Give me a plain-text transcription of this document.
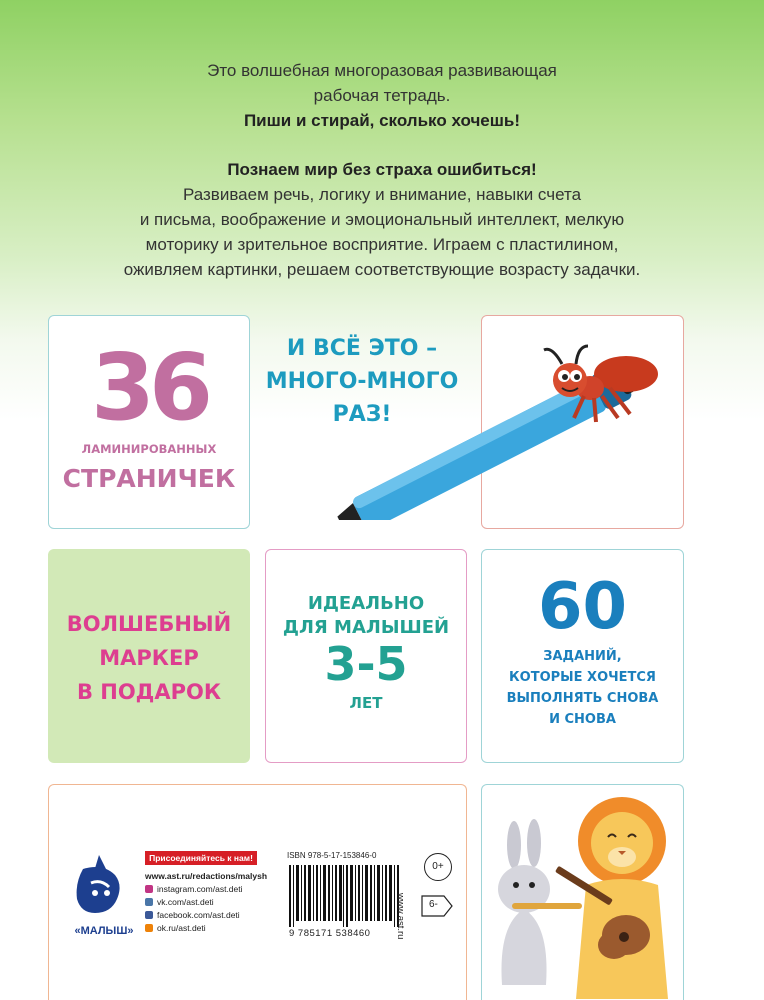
Это волшебная многоразовая развивающая

рабочая тетрадь.

Пиши и стирай, сколько хочешь!

Познаем мир без страха ошибиться!

Развиваем речь, логику и внимание, навыки счета

и письма, воображение и эмоциональный интеллект, мелкую

моторику и зрительное восприятие. Играем с пластилином,

оживляем картинки, решаем соответствующие возрасту задачки.

36
ЛАМИНИРОВАННЫХ
СТРАНИЧЕК
И ВСЁ ЭТО –
МНОГО-МНОГО
РАЗ!
ВОЛШЕБНЫЙ
МАРКЕР
В ПОДАРОК
ИДЕАЛЬНО
ДЛЯ МАЛЫШЕЙ
3-5
ЛЕТ
60
ЗАДАНИЙ,
КОТОРЫЕ ХОЧЕТСЯ
ВЫПОЛНЯТЬ СНОВА
И СНОВА
«МАЛЫШ»
Присоединяйтесь к нам!
www.ast.ru/redactions/malysh
instagram.com/ast.deti
vk.com/ast.deti
facebook.com/ast.deti
ok.ru/ast.deti
ISBN 978-5-17-153846-0
9 785171 538460	www.ast.ru
0+
6-
